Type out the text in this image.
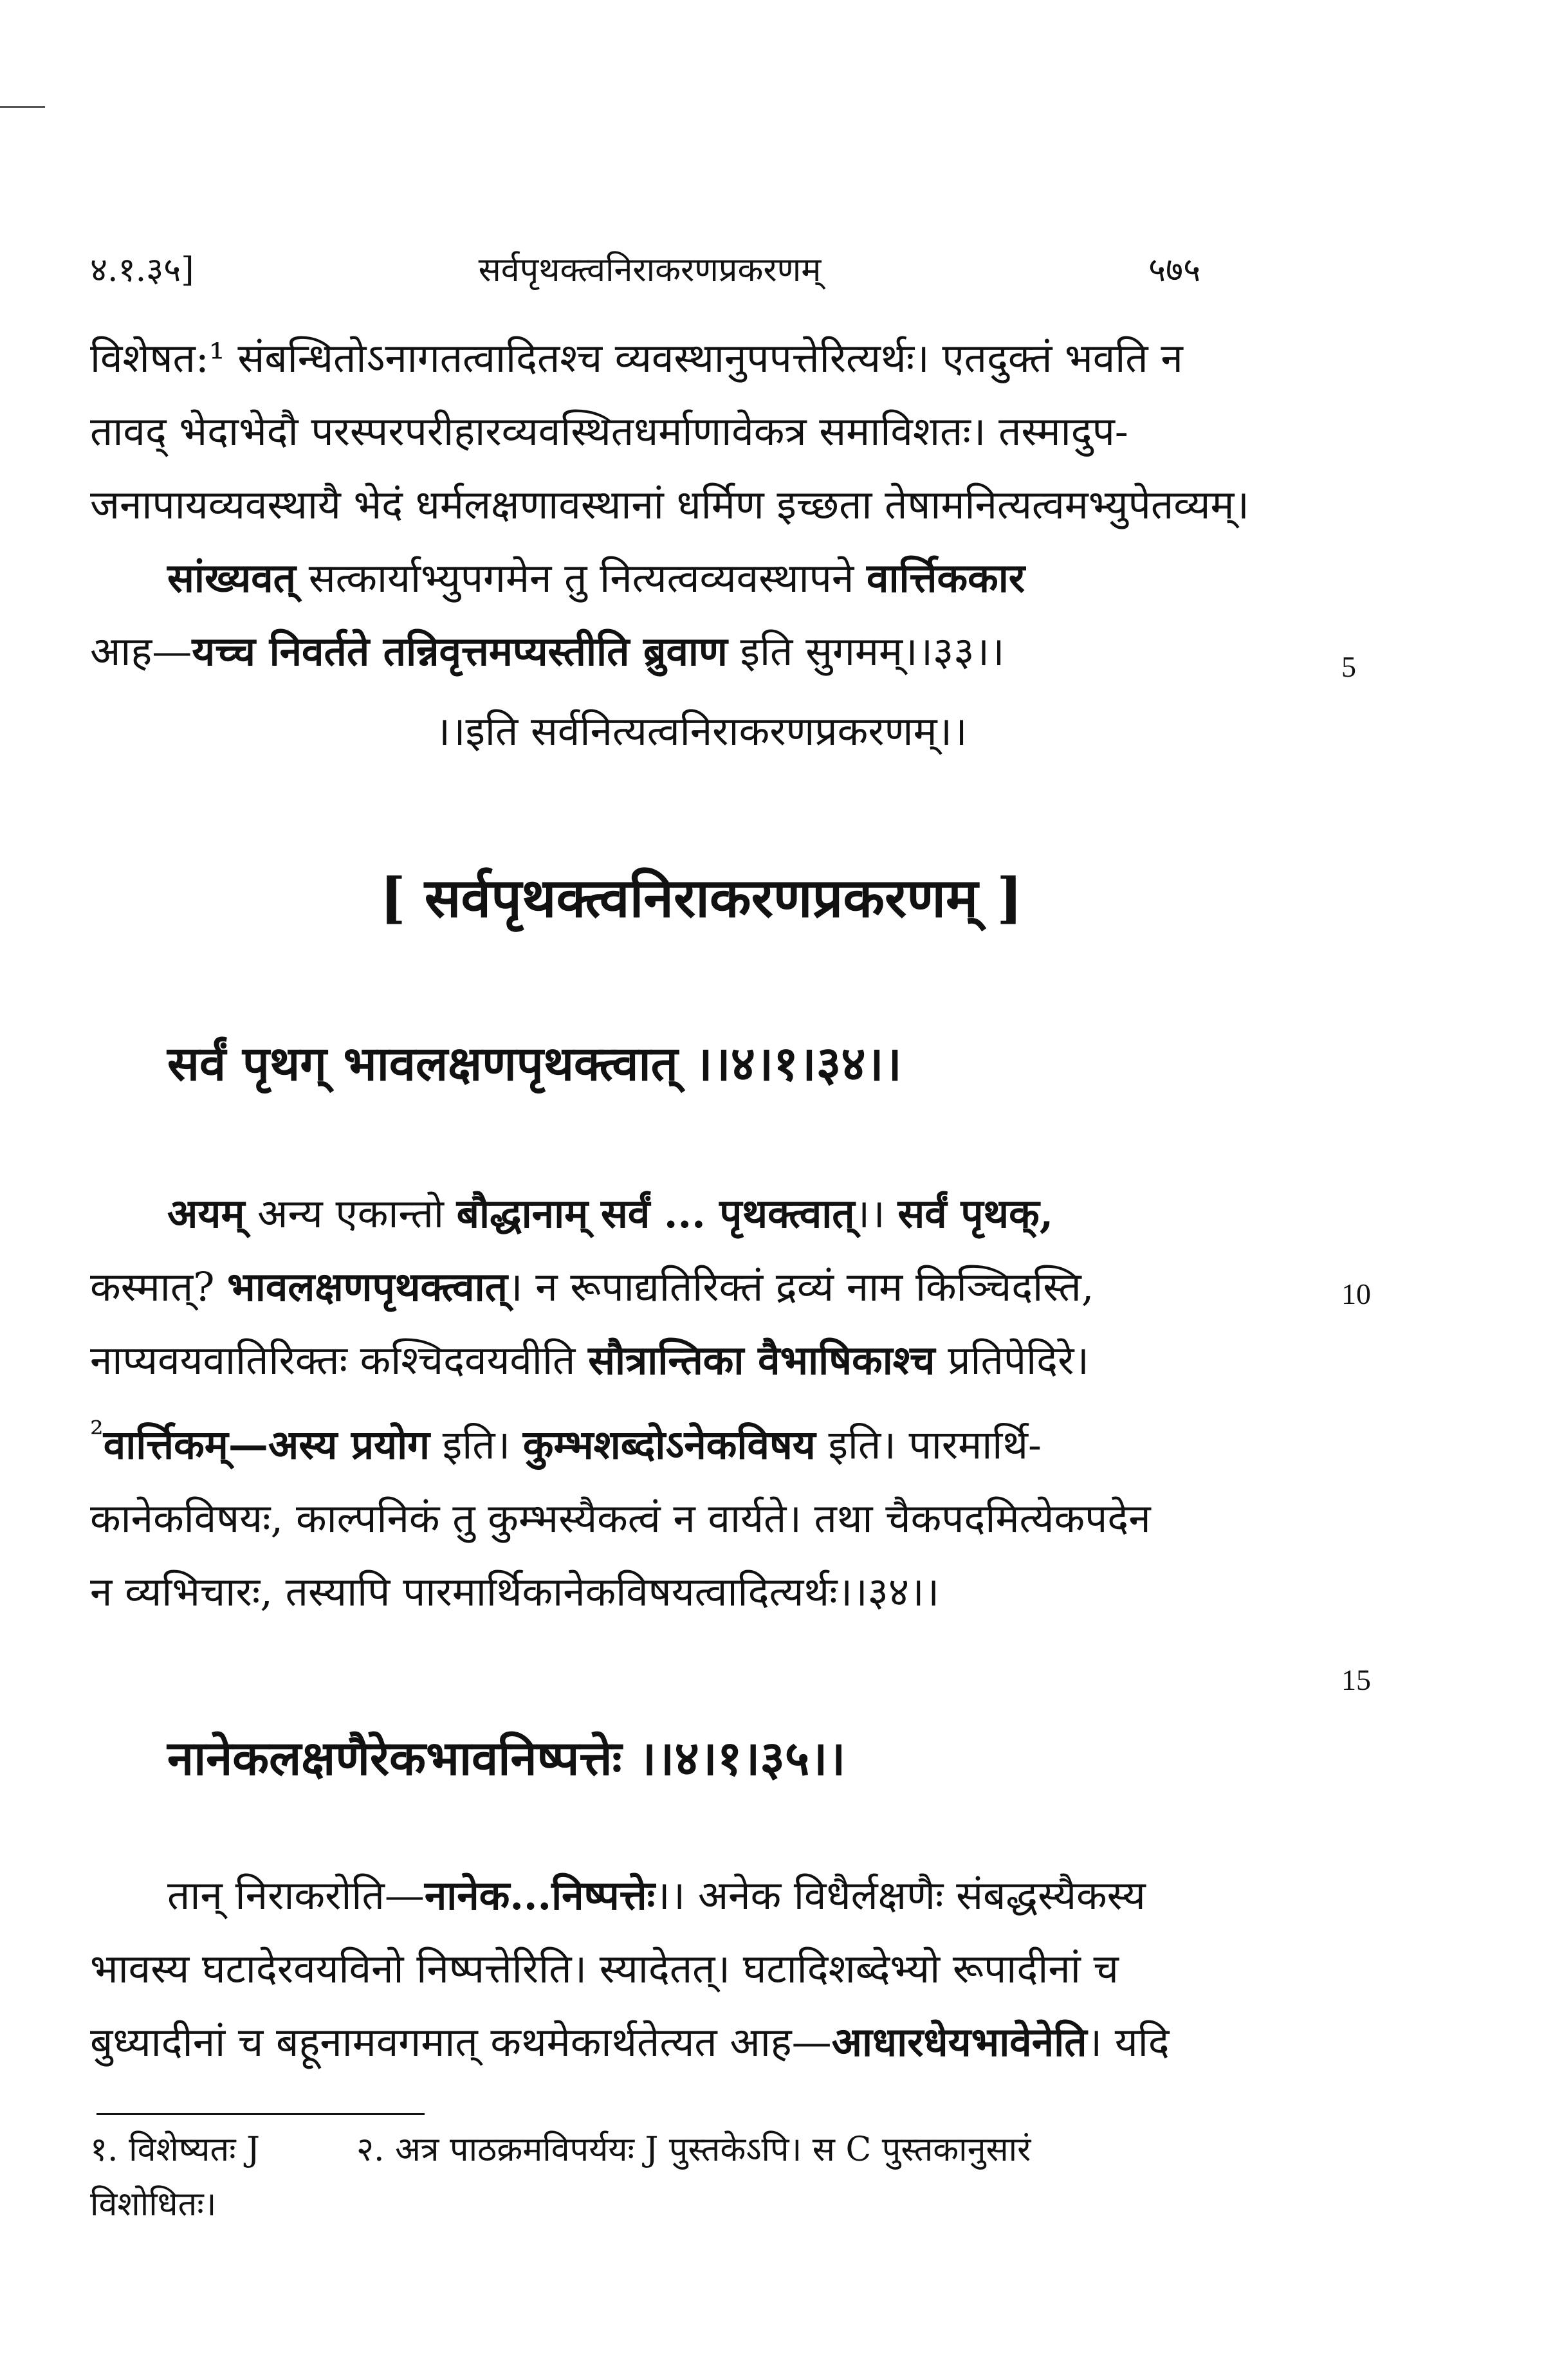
४.१.३५]	सर्वपृथक्त्वनिराकरणप्रकरणम्	५७५
विशेषत:¹ संबन्धितोऽनागतत्वादितश्च व्यवस्थानुपपत्तेरित्यर्थः। एतदुक्तं भवति न
तावद् भेदाभेदौ परस्परपरीहारव्यवस्थितधर्माणावेकत्र समाविशतः। तस्मादुप-
जनापायव्यवस्थायै भेदं धर्मलक्षणावस्थानां धर्मिण इच्छता तेषामनित्यत्वमभ्युपेतव्यम्।
सांख्यवत् सत्कार्याभ्युपगमेन तु नित्यत्वव्यवस्थापने वार्त्तिककार
आह—यच्च निवर्तते तन्निवृत्तमप्यस्तीति ब्रुवाण इति सुगमम्।।३३।।	5
।।इति सर्वनित्यत्वनिराकरणप्रकरणम्।।
[ सर्वपृथक्त्वनिराकरणप्रकरणम् ]
सर्वं पृथग् भावलक्षणपृथक्त्वात् ।।४।१।३४।।
अयम् अन्य एकान्तो बौद्धानाम् सर्वं ... पृथक्त्वात्।। सर्वं पृथक्,
कस्मात्? भावलक्षणपृथक्त्वात्। न रूपाद्यतिरिक्तं द्रव्यं नाम किञ्चिदस्ति,
नाप्यवयवातिरिक्तः कश्चिदवयवीति सौत्रान्तिका वैभाषिकाश्च प्रतिपेदिरे।
$^{^2}$वार्त्तिकम्—अस्य प्रयोग इति। कुम्भशब्दोऽनेकविषय इति। पारमार्थि-
कानेकविषयः, काल्पनिकं तु कुम्भस्यैकत्वं न वार्यते। तथा चैकपदमित्येकपदेन
न व्यभिचारः, तस्यापि पारमार्थिकानेकविषयत्वादित्यर्थः।।३४।।
10
15
नानेकलक्षणैरेकभावनिष्पत्तेः ।।४।१।३५।।
तान् निराकरोति—नानेक...निष्पत्तेः।। अनेक विधैर्लक्षणैः संबद्धस्यैकस्य
भावस्य घटादेरवयविनो निष्पत्तेरिति। स्यादेतत्। घटादिशब्देभ्यो रूपादीनां च
बुध्यादीनां च बहूनामवगमात् कथमेकार्थतेत्यत आह—आधारधेयभावेनेति। यदि
१. विशेष्यतः J	२. अत्र पाठक्रमविपर्ययः J पुस्तकेऽपि। स C पुस्तकानुसारं
विशोधितः।
